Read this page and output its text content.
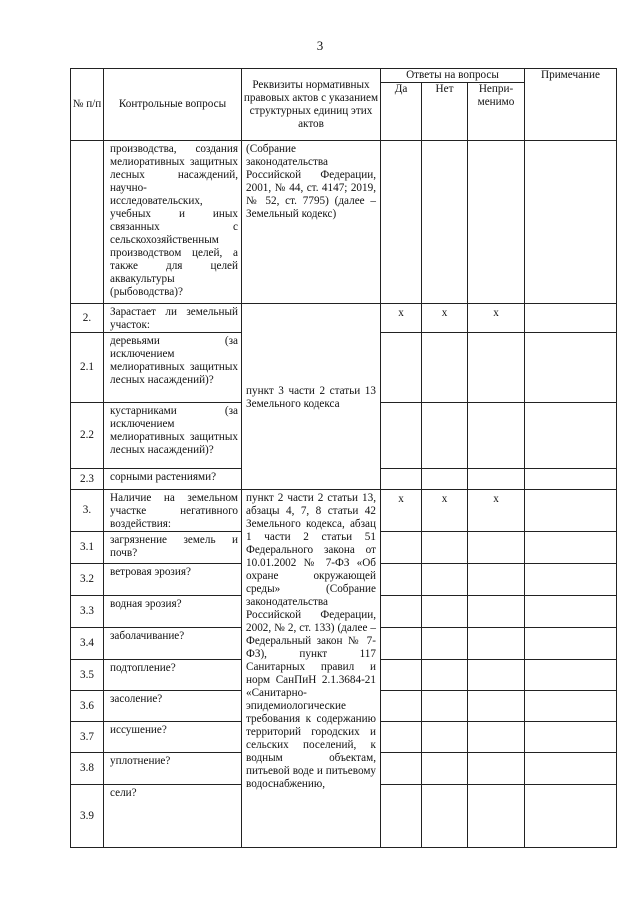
3
№ п/п	Контрольные вопросы	Реквизиты нормативных правовых актов с указанием структурных единиц этих актов	Ответы на вопросы			Примечание
			Да	Нет	Непри-менимо	
	производства, создания мелиоративных защитных лесных насаждений, научно-исследовательских, учебных и иных связанных с сельскохозяйственным производством целей, а также для целей аквакультуры (рыбоводства)?	(Собрание законодательства Российской Федерации, 2001, № 44, ст. 4147; 2019, № 52, ст. 7795) (далее – Земельный кодекс)				
2.	Зарастает ли земельный участок:	пункт 3 части 2 статьи 13 Земельного кодекса	x	x	x	
2.1	деревьями (за исключением мелиоративных защитных лесных насаждений)?					
2.2	кустарниками (за исключением мелиоративных защитных лесных насаждений)?					
2.3	сорными растениями?					
3.	Наличие на земельном участке негативного воздействия:	пункт 2 части 2 статьи 13, абзацы 4, 7, 8 статьи 42 Земельного кодекса, абзац 1 части 2 статьи 51 Федерального закона от 10.01.2002 № 7-ФЗ «Об охране окружающей среды» (Собрание законодательства Российской Федерации, 2002, № 2, ст. 133) (далее – Федеральный закон № 7-ФЗ), пункт 117 Санитарных правил и норм СанПиН 2.1.3684-21 «Санитарно-эпидемиологические требования к содержанию территорий городских и сельских поселений, к водным объектам, питьевой воде и питьевому водоснабжению,	x	x	x	
3.1	загрязнение земель и почв?					
3.2	ветровая эрозия?					
3.3	водная эрозия?					
3.4	заболачивание?					
3.5	подтопление?					
3.6	засоление?					
3.7	иссушение?					
3.8	уплотнение?					
3.9	сели?					
